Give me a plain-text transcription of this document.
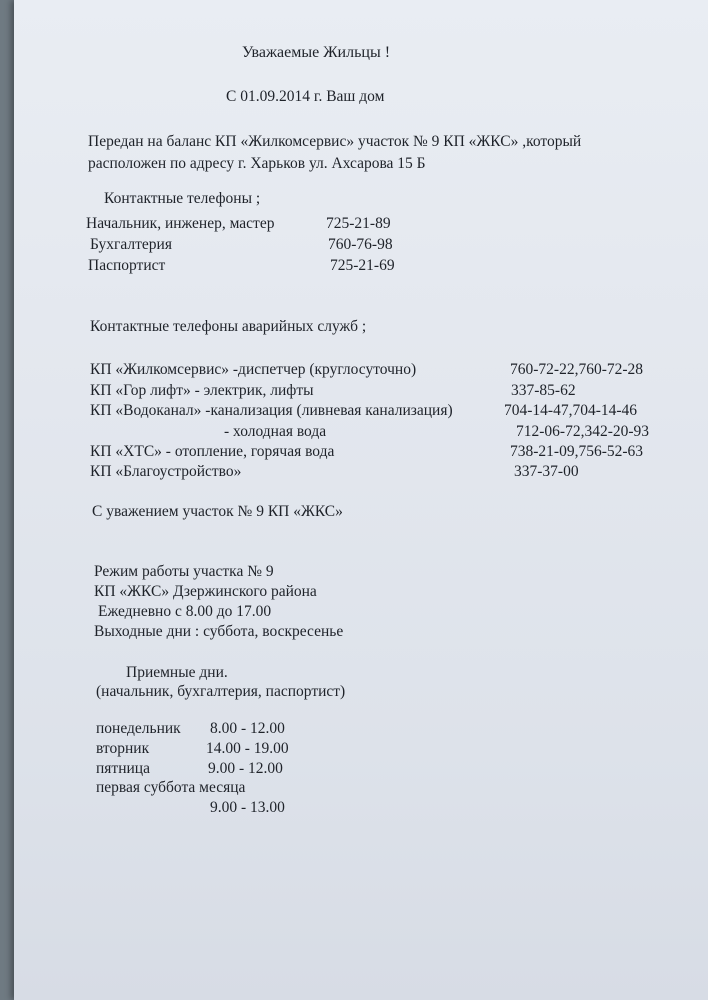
Уважаемые Жильцы !
С 01.09.2014 г. Ваш дом
Передан на баланс КП «Жилкомсервис» участок № 9 КП «ЖКС» ,который
расположен по адресу г. Харьков ул. Ахсарова 15 Б
Контактные телефоны ;
Начальник, инженер, мастер	725-21-89
Бухгалтерия	760-76-98
Паспортист	725-21-69
Контактные телефоны аварийных служб ;
КП «Жилкомсервис» -диспетчер (круглосуточно)	760-72-22,760-72-28
КП «Гор лифт» - электрик, лифты	337-85-62
КП «Водоканал» -канализация (ливневая канализация)	704-14-47,704-14-46
- холодная вода	712-06-72,342-20-93
КП «ХТС» - отопление, горячая вода	738-21-09,756-52-63
КП «Благоустройство»	337-37-00
С уважением участок № 9 КП «ЖКС»
Режим работы участка № 9
КП «ЖКС» Дзержинского района
Ежедневно с 8.00 до 17.00
Выходные дни : суббота, воскресенье
Приемные дни.
(начальник, бухгалтерия, паспортист)
понедельник 8.00 - 12.00
вторник	14.00 - 19.00
пятница	9.00 - 12.00
первая суббота месяца
9.00 - 13.00
